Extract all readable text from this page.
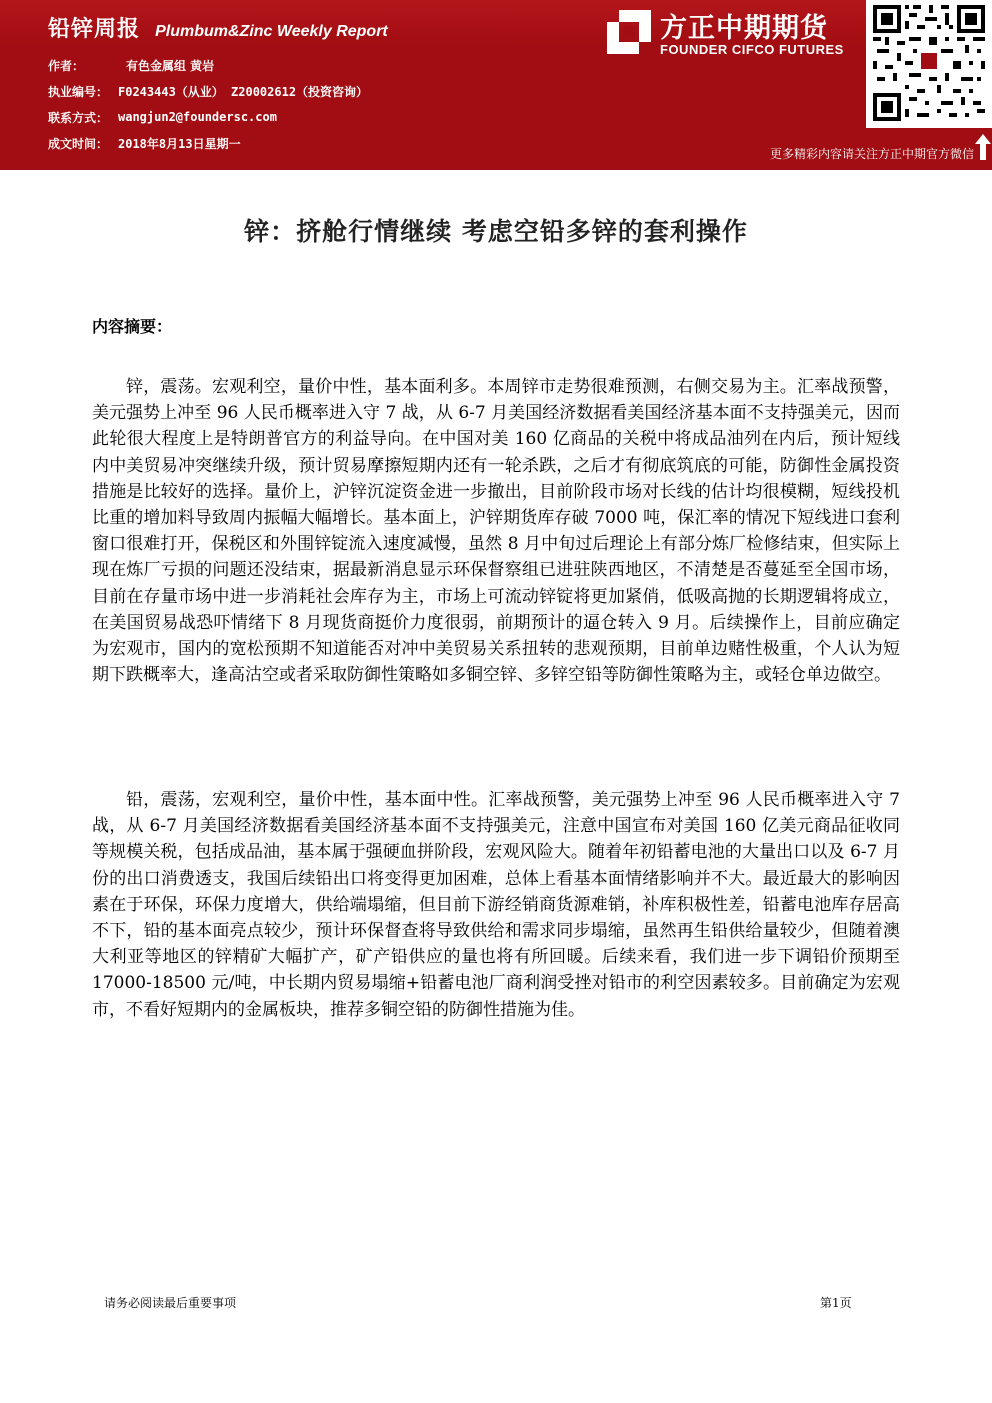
铅锌周报 Plumbum&Zinc Weekly Report
作者：	有色金属组 黄岩
执业编号： F0243443（从业） Z20002612（投资咨询）
联系方式： wangjun2@foundersc.com
成文时间： 2018年8月13日星期一
方正中期期货
FOUNDER CIFCO FUTURES
更多精彩内容请关注方正中期官方微信
锌：挤舱行情继续 考虑空铅多锌的套利操作
内容摘要：

锌，震荡。宏观利空，量价中性，基本面利多。本周锌市走势很难预测，右侧交易为主。汇率战预警，美元强势上冲至 96 人民币概率进入守 7 战，从 6-7 月美国经济数据看美国经济基本面不支持强美元，因而此轮很大程度上是特朗普官方的利益导向。在中国对美 160 亿商品的关税中将成品油列在内后，预计短线内中美贸易冲突继续升级，预计贸易摩擦短期内还有一轮杀跌，之后才有彻底筑底的可能，防御性金属投资措施是比较好的选择。量价上，沪锌沉淀资金进一步撤出，目前阶段市场对长线的估计均很模糊，短线投机比重的增加料导致周内振幅大幅增长。基本面上，沪锌期货库存破 7000 吨，保汇率的情况下短线进口套利窗口很难打开，保税区和外围锌锭流入速度减慢，虽然 8 月中旬过后理论上有部分炼厂检修结束，但实际上现在炼厂亏损的问题还没结束，据最新消息显示环保督察组已进驻陕西地区，不清楚是否蔓延至全国市场，目前在存量市场中进一步消耗社会库存为主，市场上可流动锌锭将更加紧俏，低吸高抛的长期逻辑将成立，在美国贸易战恐吓情绪下 8 月现货商挺价力度很弱，前期预计的逼仓转入 9 月。后续操作上，目前应确定为宏观市，国内的宽松预期不知道能否对冲中美贸易关系扭转的悲观预期，目前单边赌性极重，个人认为短期下跌概率大，逢高沽空或者采取防御性策略如多铜空锌、多锌空铅等防御性策略为主，或轻仓单边做空。

铅，震荡，宏观利空，量价中性，基本面中性。汇率战预警，美元强势上冲至 96 人民币概率进入守 7 战，从 6-7 月美国经济数据看美国经济基本面不支持强美元，注意中国宣布对美国 160 亿美元商品征收同等规模关税，包括成品油，基本属于强硬血拼阶段，宏观风险大。随着年初铅蓄电池的大量出口以及 6-7 月份的出口消费透支，我国后续铅出口将变得更加困难，总体上看基本面情绪影响并不大。最近最大的影响因素在于环保，环保力度增大，供给端塌缩，但目前下游经销商货源难销，补库积极性差，铅蓄电池库存居高不下，铅的基本面亮点较少，预计环保督查将导致供给和需求同步塌缩，虽然再生铅供给量较少，但随着澳大利亚等地区的锌精矿大幅扩产，矿产铅供应的量也将有所回暖。后续来看，我们进一步下调铅价预期至 17000-18500 元/吨，中长期内贸易塌缩+铅蓄电池厂商利润受挫对铅市的利空因素较多。目前确定为宏观市，不看好短期内的金属板块，推荐多铜空铅的防御性措施为佳。

请务必阅读最后重要事项	第1页
